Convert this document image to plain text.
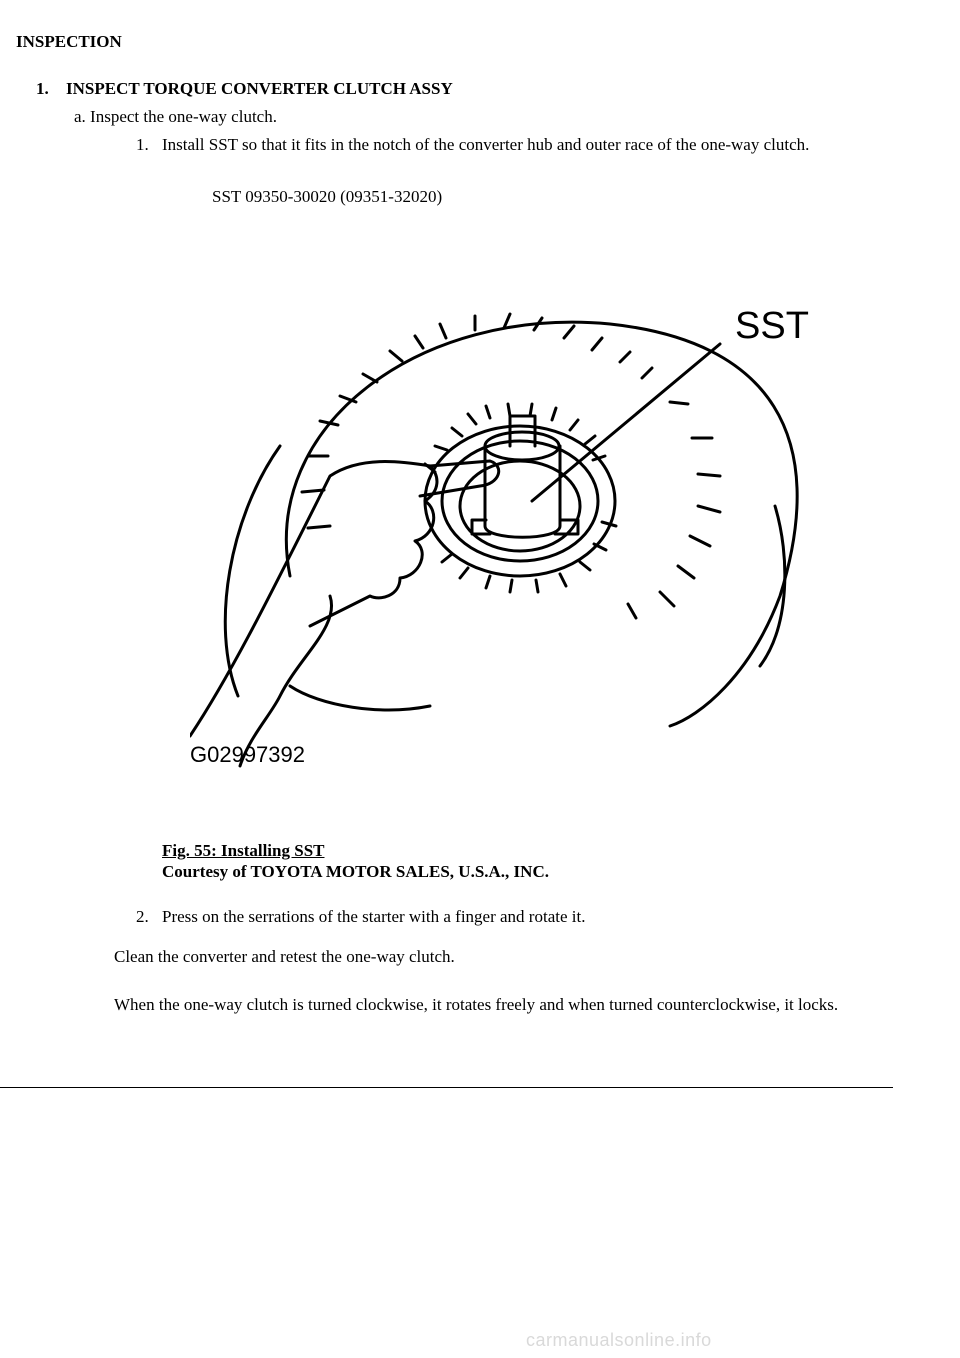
INSPECTION
1. INSPECT TORQUE CONVERTER CLUTCH ASSY
a. Inspect the one-way clutch.
1. Install SST so that it fits in the notch of the converter hub and outer race of the one-way clutch.
SST 09350-30020 (09351-32020)
SST
G02997392
Fig. 55: Installing SST
Courtesy of TOYOTA MOTOR SALES, U.S.A., INC.
2. Press on the serrations of the starter with a finger and rotate it.
Clean the converter and retest the one-way clutch.
When the one-way clutch is turned clockwise, it rotates freely and when turned counterclockwise, it locks.
carmanualsonline.info
